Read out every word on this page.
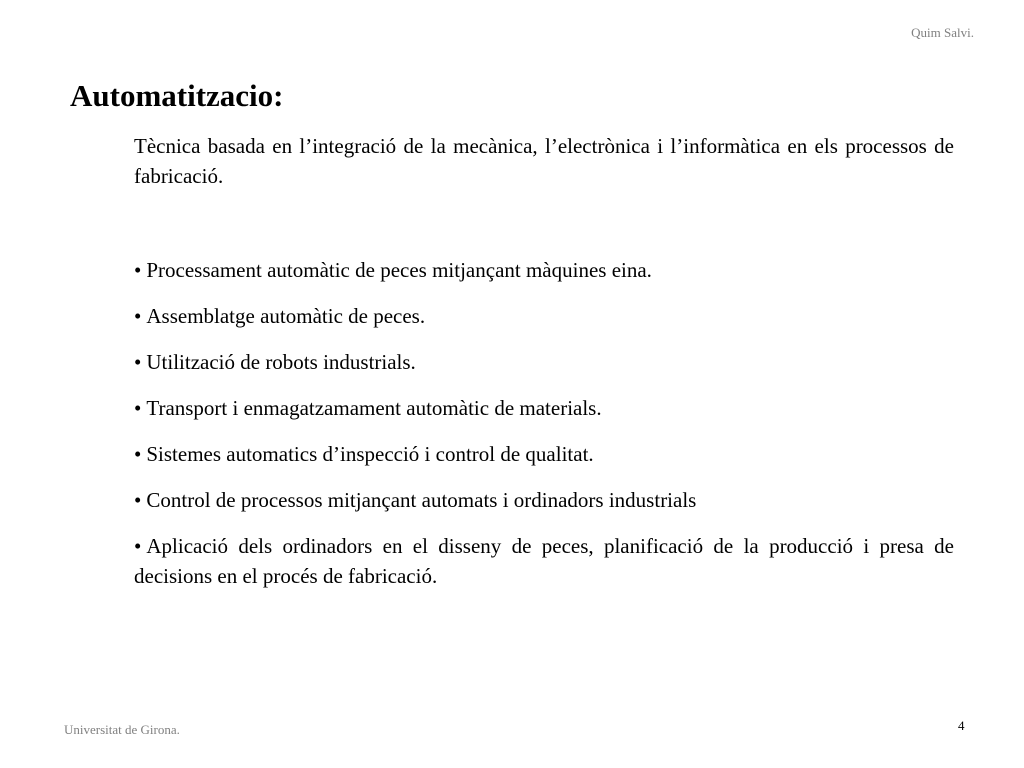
Quim Salvi.
Automatitzacio:

Tècnica basada en l’integració de la mecànica, l’electrònica i l’informàtica en els processos de fabricació.

• Processament automàtic de peces mitjançant màquines eina.
• Assemblatge automàtic de peces.
• Utilització de robots industrials.
• Transport i enmagatzamament automàtic de materials.
• Sistemes automatics d’inspecció i control de qualitat.
• Control de processos mitjançant automats i ordinadors industrials
• Aplicació dels ordinadors en el disseny de peces, planificació de la producció i presa de decisions en el procés de fabricació.
Universitat de Girona.	4
